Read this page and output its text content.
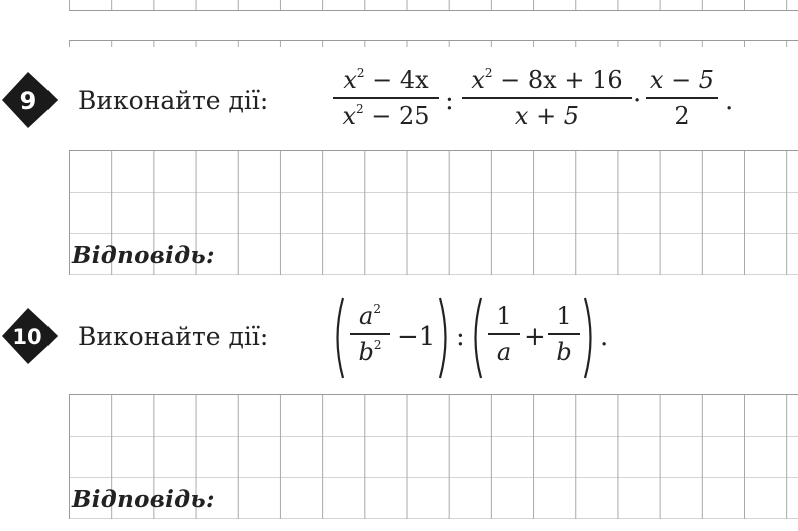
9 Виконайте дії:
$x^2 - 4x$
$x^2 - 25$ :
$x^2 - 8x + 16$
x + 5	·
x − 5
2	.
Відповідь:
10 Виконайте дії:
$a^2$
$b^2 -1$ :
1
a +
1
b	.
Відповідь:
